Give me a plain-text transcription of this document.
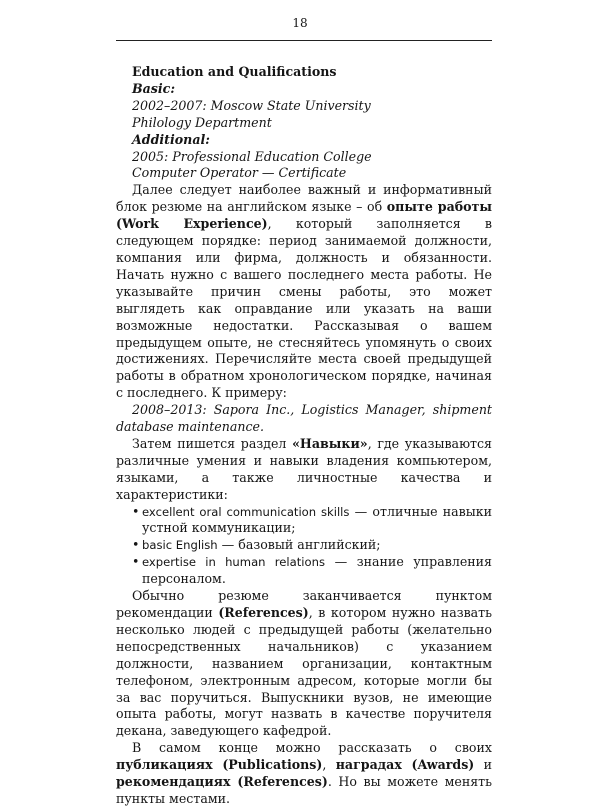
18
Education and Qualifications
Basic:
2002–2007: Moscow State University
Philology Department
Additional:
2005: Professional Education College
Computer Operator — Certificate

Далее следует наиболее важный и информативный блок резюме на английском языке – об опыте работы (Work Experience), который заполняется в следующем порядке: период занимаемой должности, компания или фирма, должность и обязанности. Начать нужно с вашего последнего места работы. Не указывайте причин смены работы, это может выглядеть как оправдание или указать на ваши возможные недостатки. Рассказывая о вашем предыдущем опыте, не стесняйтесь упомянуть о своих достижениях. Перечисляйте места своей предыдущей работы в обратном хронологическом порядке, начиная с последнего. К примеру:

2008–2013: Sapora Inc., Logistics Manager, shipment database maintenance.

Затем пишется раздел «Навыки», где указываются различные умения и навыки владения компьютером, языками, а также личностные качества и характеристики:

• excellent oral communication skills — отличные навыки устной коммуникации;
• basic English — базовый английский;
• expertise in human relations — знание управления персоналом.

Обычно резюме заканчивается пунктом рекомендации (References), в котором нужно назвать несколько людей с предыдущей работы (желательно непосредственных начальников) с указанием должности, названием организации, контактным телефоном, электронным адресом, которые могли бы за вас поручиться. Выпускники вузов, не имеющие опыта работы, могут назвать в качестве поручителя декана, заведующего кафедрой.

В самом конце можно рассказать о своих публикациях (Publications), наградах (Awards) и рекомендациях (References). Но вы можете менять пункты местами.
